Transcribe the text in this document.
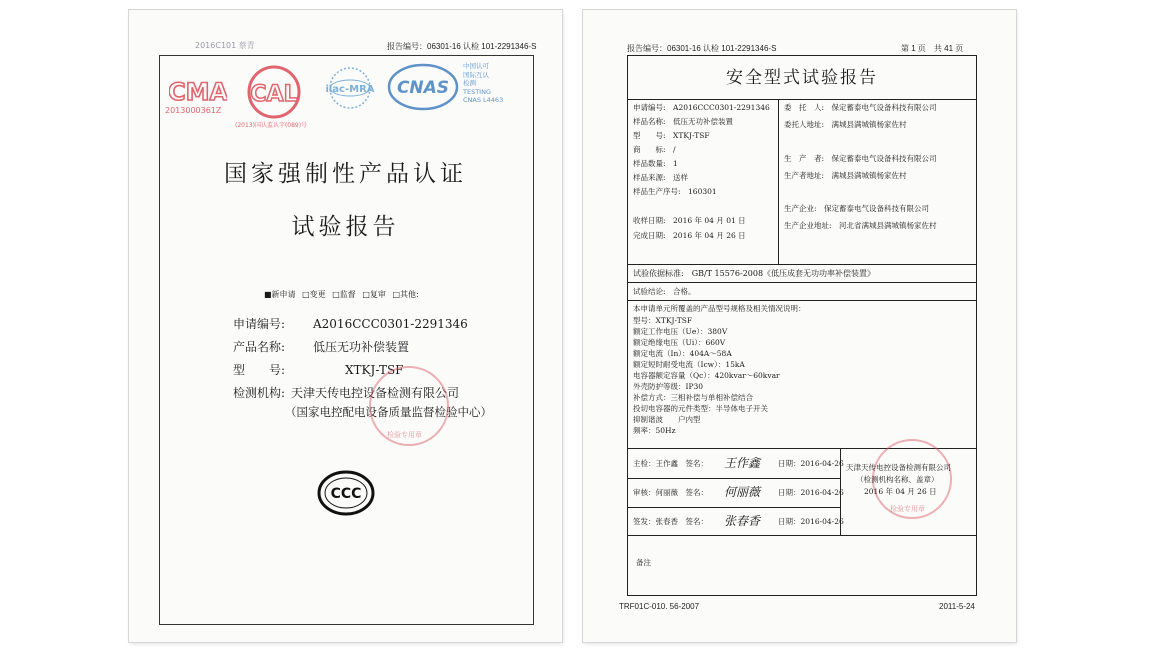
2016C101 蔡青	报告编号：06301-16 认检 101-2291346-S
CMA
2013000361Z
CAL
(2013)国认监认字(089)号
ilac-MRA CNAS
中国认可
国际互认
检测
TESTING
CNAS L4463
国家强制性产品认证
试验报告
■新申请 □变更 □监督 □复审 □其他:
申请编号: A2016CCC0301-2291346
产品名称: 低压无功补偿装置
型　　号:	XTKJ-TSF
检测机构: 天津天传电控设备检测有限公司
（国家电控配电设备质量监督检验中心）
检验专用章
CCC
报告编号：06301-16 认检 101-2291346-S	第 1 页　共 41 页
安全型式试验报告
申请编号:　A2016CCC0301-2291346
样品名称:　低压无功补偿装置
型　　号:　XTKJ-TSF
商　　标:　/
样品数量:　1
样品来源:　送样
样品生产序号:　160301
收样日期:　2016 年 04 月 01 日
完成日期:　2016 年 04 月 26 日
委　托　人:　保定蓄泰电气设备科技有限公司
委托人地址:　满城县满城镇杨家佐村
生　产　者:　保定蓄泰电气设备科技有限公司
生产者地址:　满城县满城镇杨家佐村
生产企业:　保定蓄泰电气设备科技有限公司
生产企业地址:　河北省满城县满城镇杨家佐村
试验依据标准:　GB/T 15576-2008《低压成套无功功率补偿装置》
试验结论:　合格。
本申请单元所覆盖的产品型号规格及相关情况说明：
型号：XTKJ-TSF
额定工作电压（Ue）：380V
额定绝缘电压（Ui）：660V
额定电流（In）：404A～58A
额定短时耐受电流（Icw）：15kA
电容器额定容量（Qc）：420kvar～60kvar
外壳防护等级：IP30
补偿方式：三相补偿与单相补偿结合
投切电容器的元件类型：半导体电子开关
抑制谐波　　户内型
频率：50Hz
主检：王作鑫　签名： 王作鑫 日期：2016-04-26
审核：何丽薇　签名： 何丽薇 日期：2016-04-26
签发：张春香　签名： 张春香 日期：2016-04-26
天津天传电控设备检测有限公司
（检测机构名称、盖章）
2016 年 04 月 26 日
检验专用章
备注
TRF01C-010. 56-2007	2011-5-24
